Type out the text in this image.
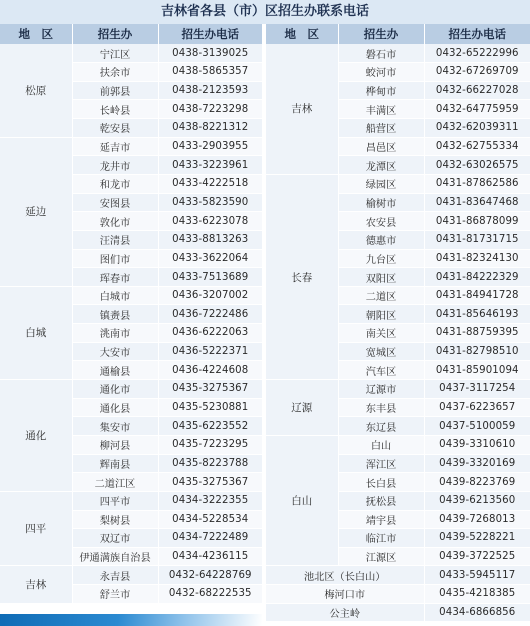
吉林省各县（市）区招生办联系电话
地　区	招生办	招生办电话
松原	宁江区	0438-3139025
	扶余市	0438-5865357
	前郭县	0438-2123593
	长岭县	0438-7223298
	乾安县	0438-8221312
延边	延吉市	0433-2903955
	龙井市	0433-3223961
	和龙市	0433-4222518
	安图县	0433-5823590
	敦化市	0433-6223078
	汪清县	0433-8813263
	图们市	0433-3622064
	珲春市	0433-7513689
白城	白城市	0436-3207002
	镇赉县	0436-7222486
	洮南市	0436-6222063
	大安市	0436-5222371
	通榆县	0436-4224608
通化	通化市	0435-3275367
	通化县	0435-5230881
	集安市	0435-6223552
	柳河县	0435-7223295
	辉南县	0435-8223788
	二道江区	0435-3275367
四平	四平市	0434-3222355
	梨树县	0434-5228534
	双辽市	0434-7222489
	伊通满族自治县	0434-4236115
吉林	永吉县	0432-64228769
	舒兰市	0432-68222535
地　区	招生办	招生办电话
吉林	磐石市	0432-65222996
	蛟河市	0432-67269709
	桦甸市	0432-66227028
	丰满区	0432-64775959
	船营区	0432-62039311
	昌邑区	0432-62755334
	龙潭区	0432-63026575
长春	绿园区	0431-87862586
	榆树市	0431-83647468
	农安县	0431-86878099
	德惠市	0431-81731715
	九台区	0431-82324130
	双阳区	0431-84222329
	二道区	0431-84941728
	朝阳区	0431-85646193
	南关区	0431-88759395
	宽城区	0431-82798510
	汽车区	0431-85901094
辽源	辽源市	0437-3117254
	东丰县	0437-6223657
	东辽县	0437-5100059
白山	白山	0439-3310610
	浑江区	0439-3320169
	长白县	0439-8223769
	抚松县	0439-6213560
	靖宇县	0439-7268013
	临江市	0439-5228221
	江源区	0439-3722525
池北区（长白山）		0433-5945117
梅河口市		0435-4218385
公主岭		0434-6866856
